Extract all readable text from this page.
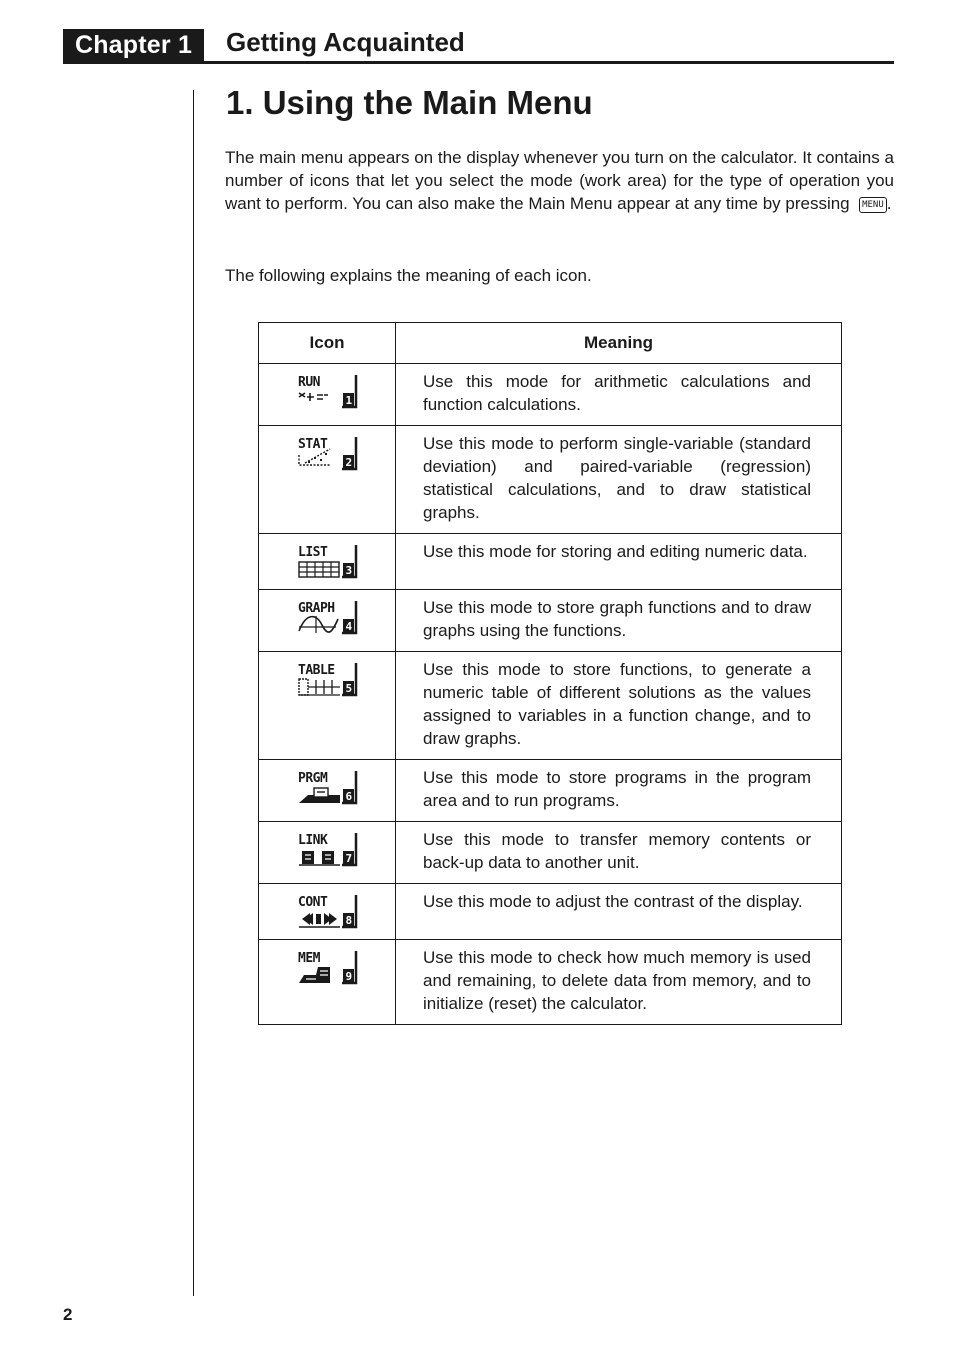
Chapter 1 Getting Acquainted
1. Using the Main Menu

The main menu appears on the display whenever you turn on the calculator. It contains a number of icons that let you select the mode (work area) for the type of operation you want to perform. You can also make the Main Menu appear at any time by pressing MENU .

The following explains the meaning of each icon.

Icon	Meaning

RUN
1	Use this mode for arithmetic calculations and function calculations.

STAT
2	Use this mode to perform single-variable (standard deviation) and paired-variable (regression) statistical calculations, and to draw statistical graphs.

LIST
3	Use this mode for storing and editing numeric data.

GRAPH
4	Use this mode to store graph functions and to draw graphs using the functions.

TABLE
5	Use this mode to store functions, to generate a numeric table of different solutions as the values assigned to variables in a function change, and to draw graphs.

PRGM
6	Use this mode to store programs in the program area and to run programs.

LINK
7	Use this mode to transfer memory contents or back-up data to another unit.

CONT
8	Use this mode to adjust the contrast of the display.

MEM
9	Use this mode to check how much memory is used and remaining, to delete data from memory, and to initialize (reset) the calculator.
2
